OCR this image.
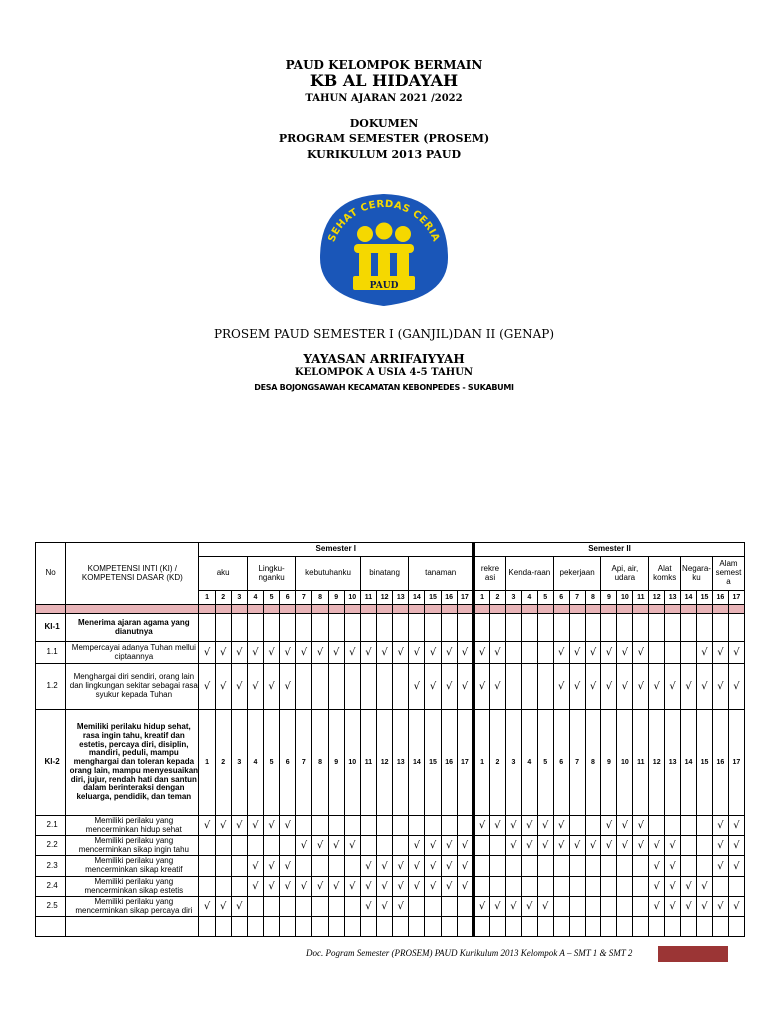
PAUD KELOMPOK BERMAIN
KB AL HIDAYAH
TAHUN AJARAN 2021 /2022
DOKUMEN
PROGRAM SEMESTER (PROSEM)
KURIKULUM 2013 PAUD
SEHAT CERDAS CERIA
PAUD
PROSEM PAUD SEMESTER I (GANJIL)DAN II (GENAP)
YAYASAN ARRIFAIYYAH
KELOMPOK A USIA 4-5 TAHUN
DESA BOJONGSAWAH KECAMATAN KEBONPEDES - SUKABUMI
No	KOMPETENSI INTI (KI) / KOMPETENSI DASAR (KD)	Semester I																	Semester II																
		aku			Lingku-nganku			kebutuhanku				binatang			tanaman				rekre asi		Kenda-raan			pekerjaan			Api, air, udara			Alat komks		Negara-ku		Alam semest a	
		1	2	3	4	5	6	7	8	9	10	11	12	13	14	15	16	17	1	2	3	4	5	6	7	8	9	10	11	12	13	14	15	16	17

KI-1	Menerima ajaran agama yang dianutnya																																		
1.1	Mempercayai adanya Tuhan mellui ciptaannya	√	√	√	√	√	√	√	√	√	√	√	√	√	√	√	√	√	√	√				√	√	√	√	√	√				√	√	√
1.2	Menghargai diri sendiri, orang lain dan lingkungan sekitar sebagai rasa syukur kepada Tuhan	√	√	√	√	√	√								√	√	√	√	√	√				√	√	√	√	√	√	√	√	√	√	√	√
KI-2	Memiliki perilaku hidup sehat, rasa ingin tahu, kreatif dan estetis, percaya diri, disiplin, mandiri, peduli, mampu menghargai dan toleran kepada orang lain, mampu menyesuaikan diri, jujur, rendah hati dan santun dalam berinteraksi dengan keluarga, pendidik, dan teman	1	2	3	4	5	6	7	8	9	10	11	12	13	14	15	16	17	1	2	3	4	5	6	7	8	9	10	11	12	13	14	15	16	17
2.1	Memiliki perilaku yang mencerminkan hidup sehat	√	√	√	√	√	√												√	√	√	√	√	√			√	√	√					√	√
2.2	Memiliki perilaku yang mencerminkan sikap ingin tahu							√	√	√	√				√	√	√	√			√	√	√	√	√	√	√	√	√	√	√			√	√
2.3	Memiliki perilaku yang mencerminkan sikap kreatif				√	√	√					√	√	√	√	√	√	√												√	√			√	√
2.4	Memiliki perilaku yang mencerminkan sikap estetis				√	√	√	√	√	√	√	√	√	√	√	√	√	√												√	√	√	√		
2.5	Memiliki perilaku yang mencerminkan sikap percaya diri	√	√	√								√	√	√					√	√	√	√	√							√	√	√	√	√	√

Doc. Pogram Semester (PROSEM) PAUD Kurikulum 2013 Kelompok A – SMT 1 & SMT 2
